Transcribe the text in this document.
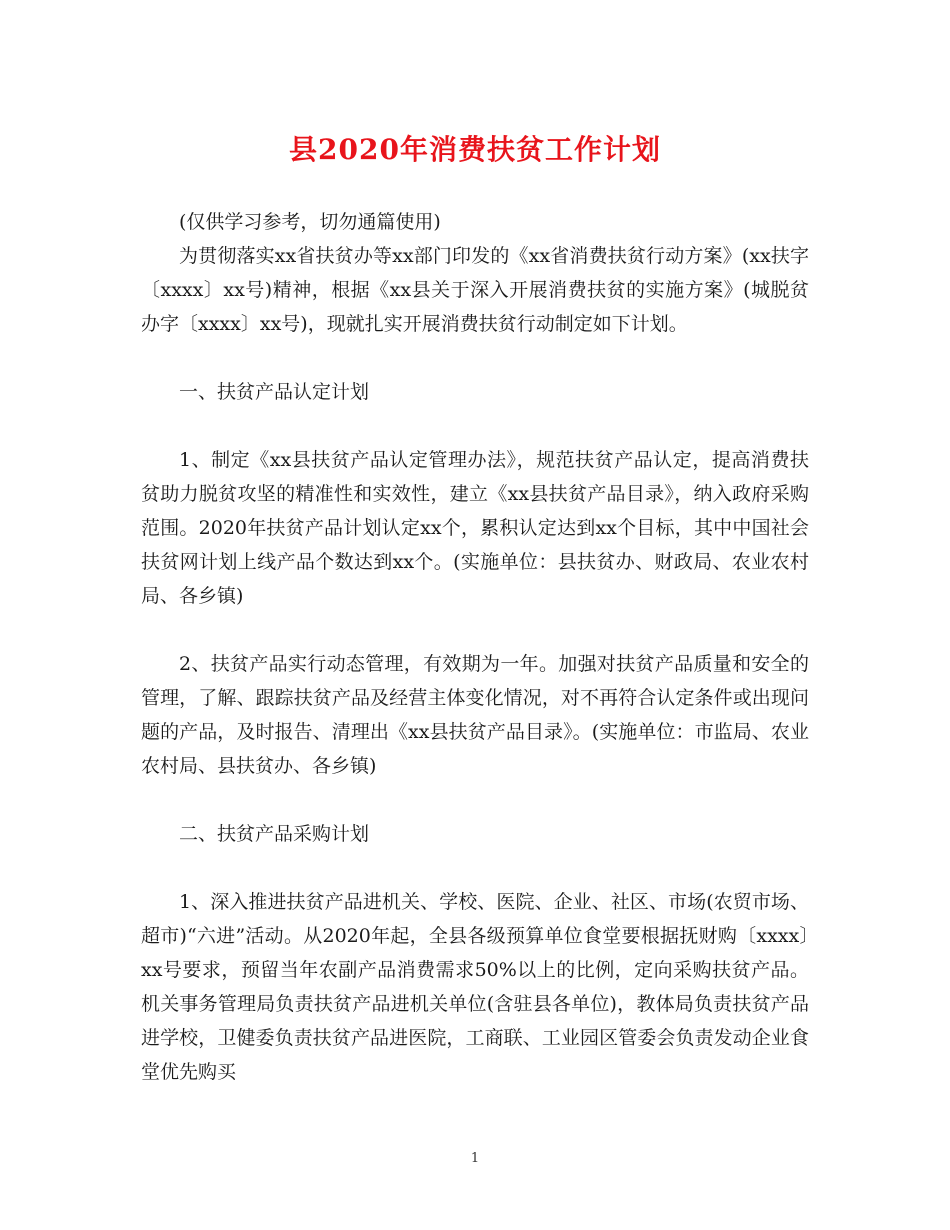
县2020年消费扶贫工作计划

(仅供学习参考，切勿通篇使用)

为贯彻落实xx省扶贫办等xx部门印发的《xx省消费扶贫行动方案》(xx扶字〔xxxx〕xx号)精神，根据《xx县关于深入开展消费扶贫的实施方案》(城脱贫办字〔xxxx〕xx号)，现就扎实开展消费扶贫行动制定如下计划。

一、扶贫产品认定计划

1、制定《xx县扶贫产品认定管理办法》，规范扶贫产品认定，提高消费扶贫助力脱贫攻坚的精准性和实效性，建立《xx县扶贫产品目录》，纳入政府采购范围。2020年扶贫产品计划认定xx个，累积认定达到xx个目标，其中中国社会扶贫网计划上线产品个数达到xx个。(实施单位：县扶贫办、财政局、农业农村局、各乡镇)

2、扶贫产品实行动态管理，有效期为一年。加强对扶贫产品质量和安全的管理，了解、跟踪扶贫产品及经营主体变化情况，对不再符合认定条件或出现问题的产品，及时报告、清理出《xx县扶贫产品目录》。(实施单位：市监局、农业农村局、县扶贫办、各乡镇)

二、扶贫产品采购计划

1、深入推进扶贫产品进机关、学校、医院、企业、社区、市场(农贸市场、超市)“六进”活动。从2020年起，全县各级预算单位食堂要根据抚财购〔xxxx〕xx号要求，预留当年农副产品消费需求50%以上的比例，定向采购扶贫产品。机关事务管理局负责扶贫产品进机关单位(含驻县各单位)，教体局负责扶贫产品进学校，卫健委负责扶贫产品进医院，工商联、工业园区管委会负责发动企业食堂优先购买

1
